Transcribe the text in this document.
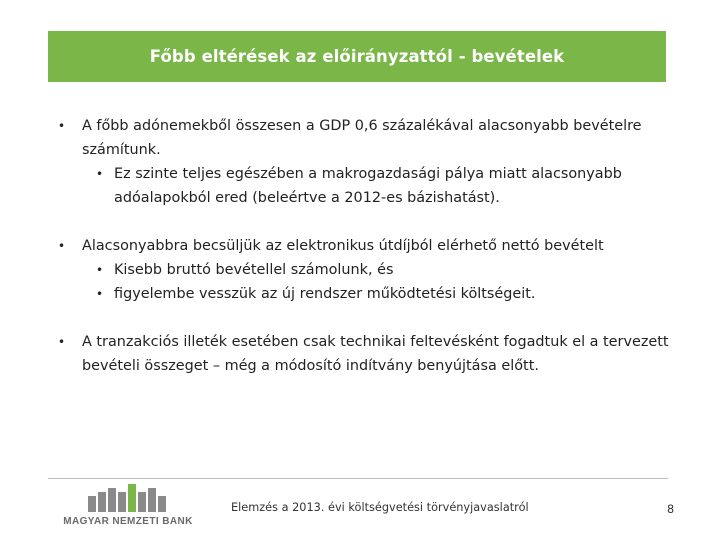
Főbb eltérések az előirányzattól - bevételek
• A főbb adónemekből összesen a GDP 0,6 százalékával alacsonyabb bevételre számítunk.
• Ez szinte teljes egészében a makrogazdasági pálya miatt alacsonyabb adóalapokból ered (beleértve a 2012-es bázishatást).
• Alacsonyabbra becsüljük az elektronikus útdíjból elérhető nettó bevételt
• Kisebb bruttó bevétellel számolunk, és
• figyelembe vesszük az új rendszer működtetési költségeit.
• A tranzakciós illeték esetében csak technikai feltevésként fogadtuk el a tervezett bevételi összeget – még a módosító indítvány benyújtása előtt.
MAGYAR NEMZETI BANK
Elemzés a 2013. évi költségvetési törvényjavaslatról	8
